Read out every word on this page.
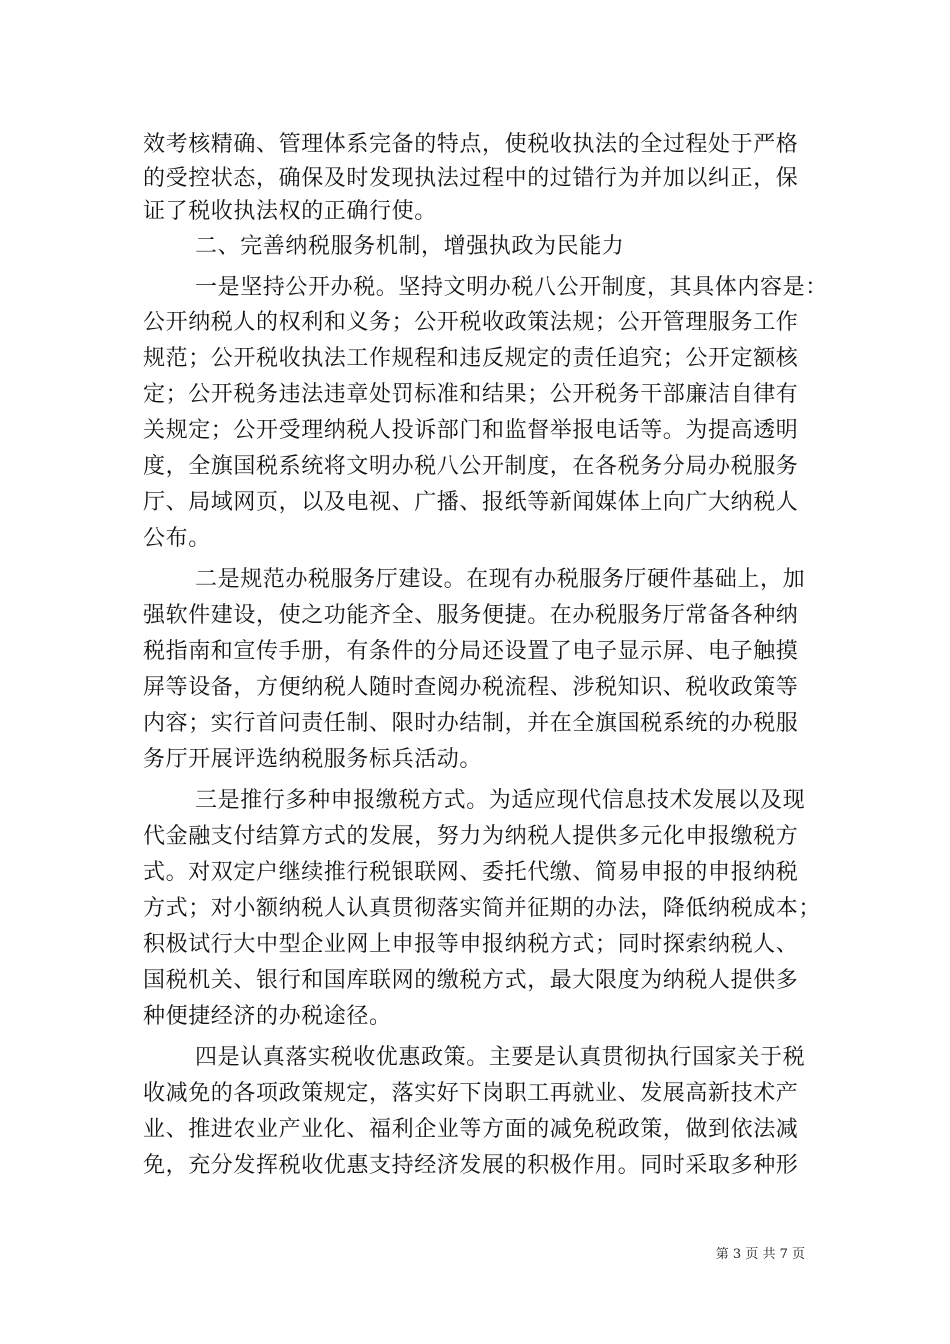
效考核精确、管理体系完备的特点，使税收执法的全过程处于严格
的受控状态，确保及时发现执法过程中的过错行为并加以纠正，保
证了税收执法权的正确行使。
二、完善纳税服务机制，增强执政为民能力
一是坚持公开办税。坚持文明办税八公开制度，其具体内容是：
公开纳税人的权利和义务；公开税收政策法规；公开管理服务工作
规范；公开税收执法工作规程和违反规定的责任追究；公开定额核
定；公开税务违法违章处罚标准和结果；公开税务干部廉洁自律有
关规定；公开受理纳税人投诉部门和监督举报电话等。为提高透明
度，全旗国税系统将文明办税八公开制度，在各税务分局办税服务
厅、局域网页，以及电视、广播、报纸等新闻媒体上向广大纳税人
公布。
二是规范办税服务厅建设。在现有办税服务厅硬件基础上，加
强软件建设，使之功能齐全、服务便捷。在办税服务厅常备各种纳
税指南和宣传手册，有条件的分局还设置了电子显示屏、电子触摸
屏等设备，方便纳税人随时查阅办税流程、涉税知识、税收政策等
内容；实行首问责任制、限时办结制，并在全旗国税系统的办税服
务厅开展评选纳税服务标兵活动。
三是推行多种申报缴税方式。为适应现代信息技术发展以及现
代金融支付结算方式的发展，努力为纳税人提供多元化申报缴税方
式。对双定户继续推行税银联网、委托代缴、简易申报的申报纳税
方式；对小额纳税人认真贯彻落实简并征期的办法，降低纳税成本；
积极试行大中型企业网上申报等申报纳税方式；同时探索纳税人、
国税机关、银行和国库联网的缴税方式，最大限度为纳税人提供多
种便捷经济的办税途径。
四是认真落实税收优惠政策。主要是认真贯彻执行国家关于税
收减免的各项政策规定，落实好下岗职工再就业、发展高新技术产
业、推进农业产业化、福利企业等方面的减免税政策，做到依法减
免，充分发挥税收优惠支持经济发展的积极作用。同时采取多种形
第 3 页 共 7 页
